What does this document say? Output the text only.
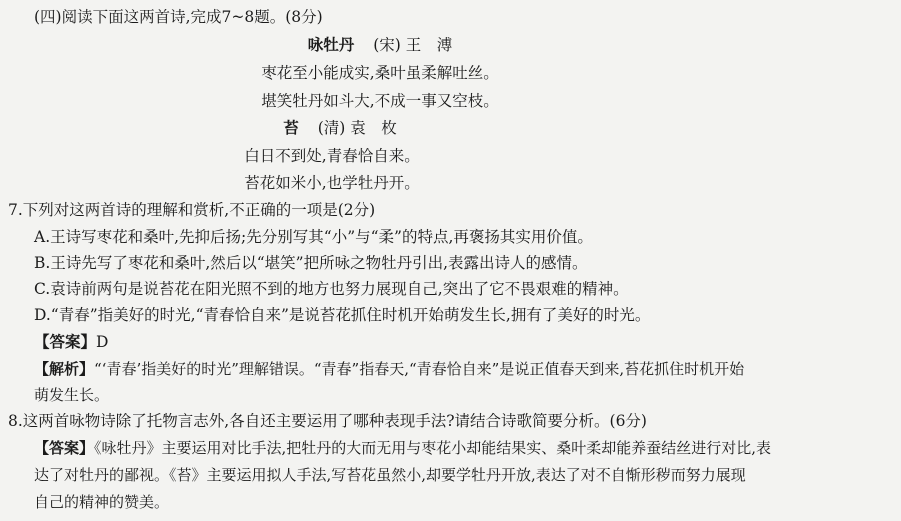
(四)阅读下面这两首诗,完成7~8题。(8分)
咏牡丹 (宋) 王　溥
枣花至小能成实,桑叶虽柔解吐丝。
堪笑牡丹如斗大,不成一事又空枝。
苔 (清) 袁　枚
白日不到处,青春恰自来。
苔花如米小,也学牡丹开。
7.下列对这两首诗的理解和赏析,不正确的一项是(2分)
A.王诗写枣花和桑叶,先抑后扬;先分别写其“小”与“柔”的特点,再褒扬其实用价值。
B.王诗先写了枣花和桑叶,然后以“堪笑”把所咏之物牡丹引出,表露出诗人的感情。
C.袁诗前两句是说苔花在阳光照不到的地方也努力展现自己,突出了它不畏艰难的精神。
D.“青春”指美好的时光,“青春恰自来”是说苔花抓住时机开始萌发生长,拥有了美好的时光。
【答案】D
【解析】“‘青春’指美好的时光”理解错误。“青春”指春天,“青春恰自来”是说正值春天到来,苔花抓住时机开始
萌发生长。
8.这两首咏物诗除了托物言志外,各自还主要运用了哪种表现手法?请结合诗歌简要分析。(6分)
【答案】《咏牡丹》主要运用对比手法,把牡丹的大而无用与枣花小却能结果实、桑叶柔却能养蚕结丝进行对比,表
达了对牡丹的鄙视。《苔》主要运用拟人手法,写苔花虽然小,却要学牡丹开放,表达了对不自惭形秽而努力展现
自己的精神的赞美。
